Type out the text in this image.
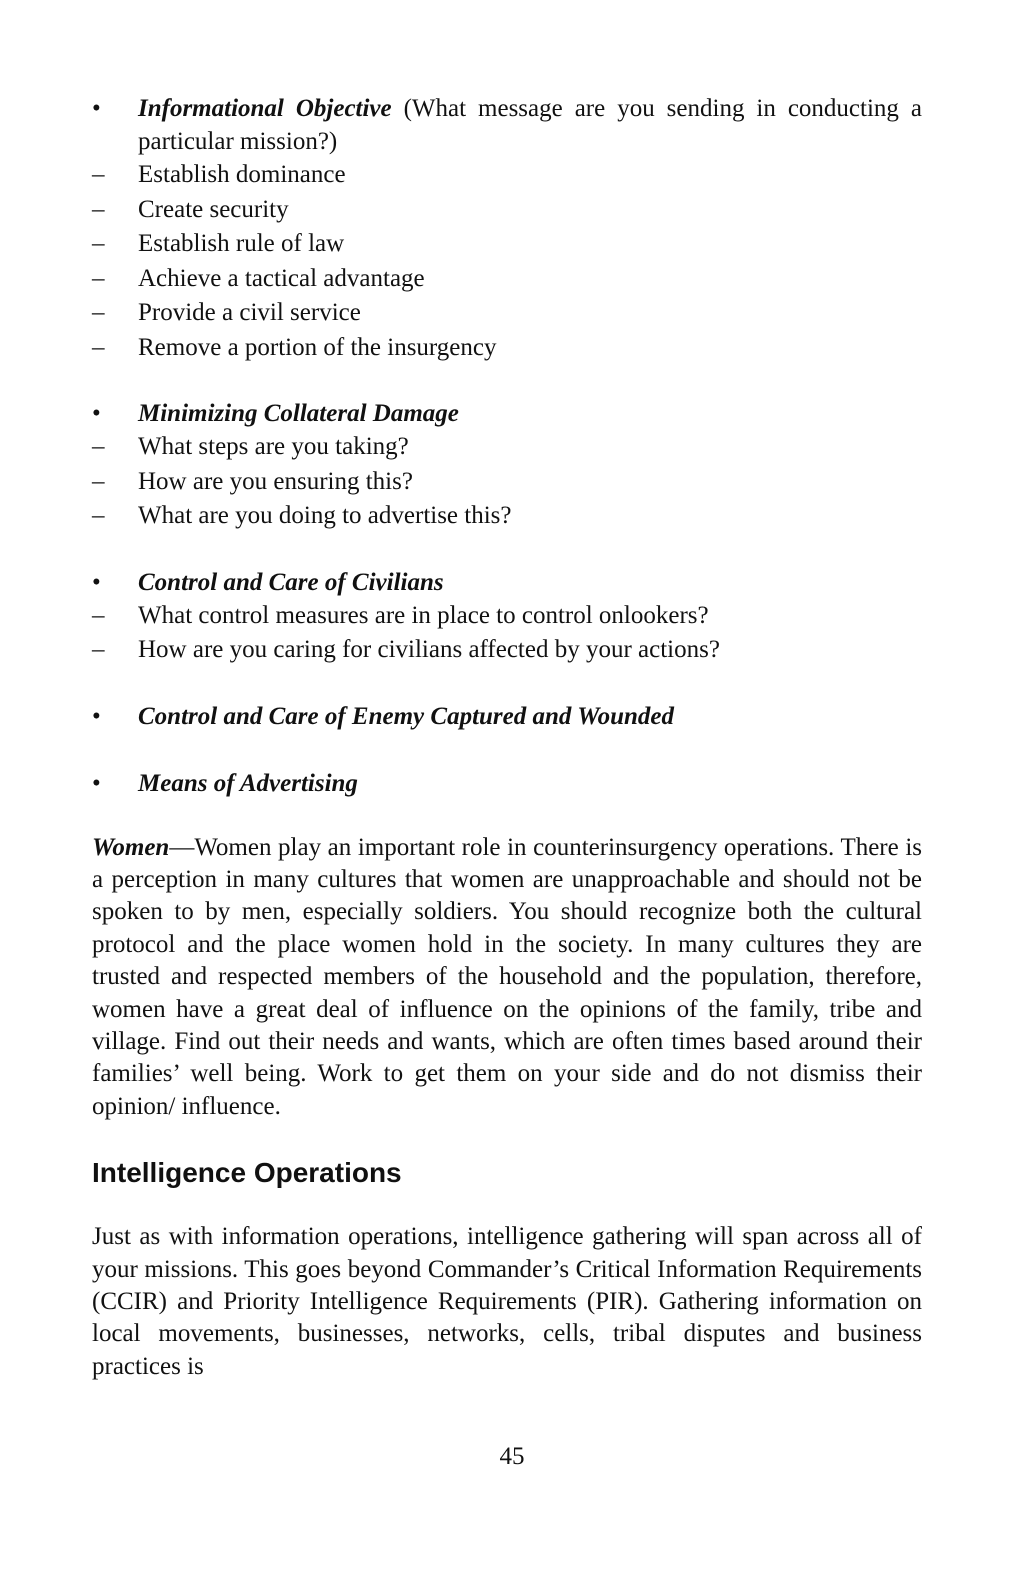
•	Informational Objective (What message are you sending in conducting a particular mission?)
– Establish dominance
– Create security
– Establish rule of law
– Achieve a tactical advantage
– Provide a civil service
– Remove a portion of the insurgency
•	Minimizing Collateral Damage
– What steps are you taking?
– How are you ensuring this?
– What are you doing to advertise this?
•	Control and Care of Civilians
– What control measures are in place to control onlookers?
– How are you caring for civilians affected by your actions?
•	Control and Care of Enemy Captured and Wounded
•	Means of Advertising

Women—Women play an important role in counterinsurgency operations. There is a perception in many cultures that women are unapproachable and should not be spoken to by men, especially soldiers. You should recognize both the cultural protocol and the place women hold in the society. In many cultures they are trusted and respected members of the household and the population, therefore, women have a great deal of influence on the opinions of the family, tribe and village. Find out their needs and wants, which are often times based around their families’ well being. Work to get them on your side and do not dismiss their opinion/ influence.

Intelligence Operations

Just as with information operations, intelligence gathering will span across all of your missions. This goes beyond Commander’s Critical Information Requirements (CCIR) and Priority Intelligence Requirements (PIR). Gathering information on local movements, businesses, networks, cells, tribal disputes and business practices is

45
